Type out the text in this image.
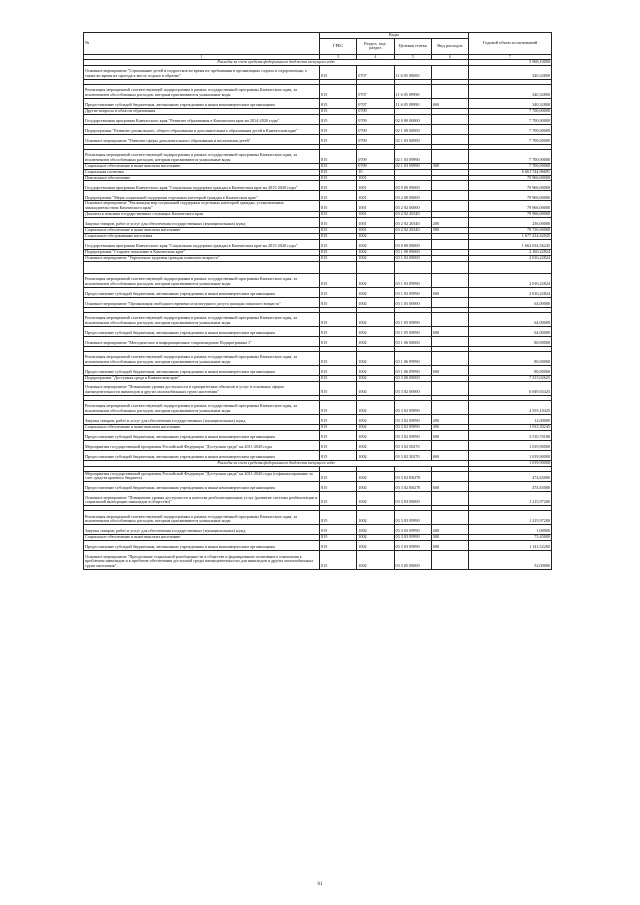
№	Коды				Годовой объем ассигнований
	ГРБС	Раздел, под-раздел	Целевая статья	Вид расходов	
1	3	4	5	6	7
Расходы за счет средств федерального бюджета текущего года					5 968,10000
Основное мероприятие "Страхование детей и подростков во время их пребывания в организациях отдыха и оздоровления, а также во время их проезда к месту отдыха и обратно"	815	0707	11 6 05 00000		340,32800

Реализация мероприятий соответствующей подпрограммы в рамках государственной программы Камчатского края, за исключением обособленных расходов, которым присваиваются уникальные коды	815	0707	11 6 05 09990		340,32800
Предоставление субсидий бюджетным, автономным учреждениям и иным некоммерческим организациям	815	0707	11 6 05 09990	600	340,32800
Другие вопросы в области образования	815	0709			7 700,00000
Государственная программа Камчатского края "Развитие образования в Камчатском крае на 2014-2020 годы"	815	0709	02 0 00 00000		7 700,00000
Подпрограмма "Развитие дошкольного, общего образования и дополнительного образования детей в Камчатском крае"	815	0709	02 1 00 00000		7 700,00000
Основное мероприятие "Развитие сферы дополнительного образования и воспитания детей"	815	0709	02 1 03 00000		7 700,00000

Реализация мероприятий соответствующей подпрограммы в рамках государственной программы Камчатского края, за исключением обособленных расходов, которым присваиваются уникальные коды	815	0709	02 1 03 09990		7 700,00000
Социальное обеспечение и иные выплаты населению	815	0709	02 1 03 09990	300	7 700,00000
Социальная политика	815	10			6 661 744,96691
Пенсионное обеспечение	815	1001			79 966,00000
Государственная программа Камчатского края "Социальная поддержка граждан в Камчатском крае на 2015-2020 годы"	815	1001	03 0 00 00000		79 966,00000
Подпрограмма "Меры социальной поддержки отдельных категорий граждан в Камчатском крае"	815	1001	03 2 00 00000		79 966,00000
Основное мероприятие "Реализация мер социальной поддержки отдельных категорий граждан, установленных законодательством Камчатского края"	815	1001	03 2 02 00000		79 966,00000
Доплаты к пенсиям государственных служащих Камчатского края	815	1001	03 2 02 20340		79 966,00000
Закупка товаров, работ и услуг для обеспечения государственных (муниципальных) нужд	815	1001	03 2 02 20340	200	236,00000
Социальное обеспечение и иные выплаты населению	815	1001	03 2 02 20340	300	79 730,00000
Социальное обслуживание населения	815	1002			1 677 234,62045
Государственная программа Камчатского края "Социальная поддержка граждан в Камчатском крае на 2015-2020 годы"	815	1002	03 0 00 00000		1 662 634,56245
Подпрограмма "Старшее поколение в Камчатском крае"	815	1002	03 1 00 00000		2 160,22824
Основное мероприятие "Укрепление здоровья граждан пожилого возраста"	815	1002	03 1 03 00000		2 016,22824

Реализация мероприятий соответствующей подпрограммы в рамках государственной программы Камчатского края, за исключением обособленных расходов, которым присваиваются уникальные коды	815	1002	03 1 03 09990		2 016,22824
Предоставление субсидий бюджетным, автономным учреждениям и иным некоммерческим организациям	815	1002	03 1 03 09990	600	2 016,22824
Основное мероприятие "Организация свободного времени и культурного досуга граждан пожилого возраста"	815	1002	03 1 05 00000		64,00000

Реализация мероприятий соответствующей подпрограммы в рамках государственной программы Камчатского края, за исключением обособленных расходов, которым присваиваются уникальные коды	815	1002	03 1 05 09990		64,00000
Предоставление субсидий бюджетным, автономным учреждениям и иным некоммерческим организациям	815	1002	03 1 05 09990	600	64,00000
Основное мероприятие "Методическое и информационное сопровождение Подпрограммы 1"	815	1002	03 1 06 00000		80,00000

Реализация мероприятий соответствующей подпрограммы в рамках государственной программы Камчатского края, за исключением обособленных расходов, которым присваиваются уникальные коды	815	1002	03 1 06 09990		80,00000
Предоставление субсидий бюджетным, автономным учреждениям и иным некоммерческим организациям	815	1002	03 1 06 09990	600	80,00000
Подпрограмма "Доступная среда в Камчатском крае"	815	1002	03 3 00 00000		7 313,02625
Основное мероприятие "Повышение уровня доступности и приоритетных объектов и услуг в основных сферах жизнедеятельности инвалидов и других маломобильных групп населения"	815	1002	03 3 02 00000		6 049,65425

Реализация мероприятий соответствующей подпрограммы в рамках государственной программы Камчатского края, за исключением обособленных расходов, которым присваиваются уникальные коды	815	1002	03 3 02 09990		4 555,10425
Закупка товаров, работ и услуг для обеспечения государственных (муниципальных) нужд	815	1002	03 3 02 09990	200	12,00000
Социальное обеспечение и иные выплаты населению	815	1002	03 3 02 09990	300	1 033,30245
Предоставление субсидий бюджетным, автономным учреждениям и иным некоммерческим организациям	815	1002	03 3 02 09990	600	3 510,70180
Мероприятия государственной программы Российской Федерации "Доступная среда" на 2011-2020 годы	815	1002	03 3 02 50270		1 019,90000
Предоставление субсидий бюджетным, автономным учреждениям и иным некоммерческим организациям	815	1002	03 3 02 50270	600	1 019,90000
Расходы за счет средств федерального бюджета текущего года					1 019,90000

Мероприятия государственной программы Российской Федерации "Доступная среда" на 2011-2020 годы (софинансирование за счет средств краевого бюджета)	815	1002	03 3 02 R0270		474,65000
Предоставление субсидий бюджетным, автономным учреждениям и иным некоммерческим организациям	815	1002	03 3 02 R0270	600	474,65000
Основное мероприятие "Повышение уровня доступности и качества реабилитационных услуг (развитие системы реабилитации и социальной интеграции инвалидов в общество)"	815	1002	03 3 03 00000		1 215,97200

Реализация мероприятий соответствующей подпрограммы в рамках государственной программы Камчатского края, за исключением обособленных расходов, которым присваиваются уникальные коды	815	1002	03 3 03 09990		1 215,97200
Закупка товаров, работ и услуг для обеспечения государственных (муниципальных) нужд	815	1002	03 3 03 09990	200	1,00000
Социальное обеспечение и иные выплаты населению	815	1002	03 3 03 09990	300	73,45000
Предоставление субсидий бюджетным, автономным учреждениям и иным некоммерческим организациям	815	1002	03 3 03 09990	600	1 141,52200
Основное мероприятие "Преодоление социальной разобщенности в обществе и формирование позитивного отношения к проблемам инвалидов и к проблеме обеспечения доступной среды жизнедеятельности для инвалидов и других маломобильных групп населения"	815	1002	03 3 05 00000		52,00000
61
